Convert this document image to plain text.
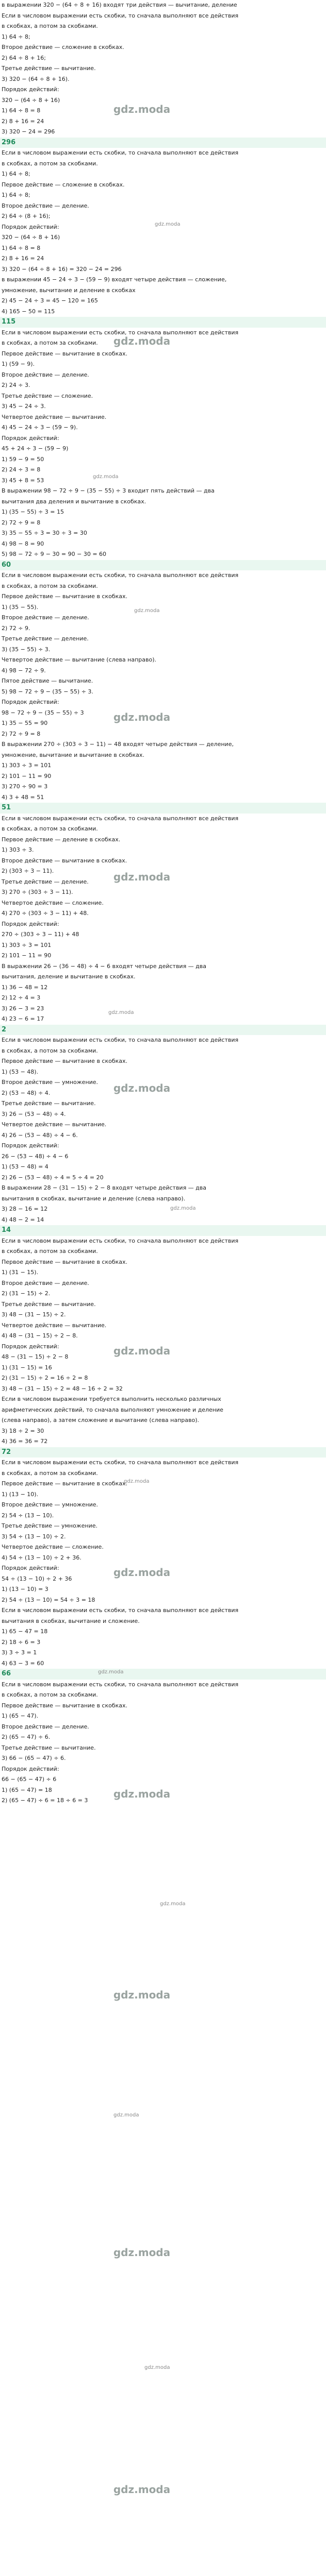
в выражении 320 − (64 ÷ 8 + 16) входят три действия — вычитание, деление
Если в числовом выражении есть скобки, то сначала выполняют все действия
в скобках, а потом за скобками.
1) 64 ÷ 8;
Второе действие — сложение в скобках.
2) 64 ÷ 8 + 16;
Третье действие — вычитание.
3) 320 − (64 ÷ 8 + 16).
Порядок действий:
320 − (64 ÷ 8 + 16)
1) 64 ÷ 8 = 8
2) 8 + 16 = 24
3) 320 − 24 = 296
296
Если в числовом выражении есть скобки, то сначала выполняют все действия
в скобках, а потом за скобками.
1) 64 ÷ 8;
Первое действие — сложение в скобках.
1) 64 ÷ 8;
Второе действие — деление.
2) 64 ÷ (8 + 16);
Порядок действий:
320 − (64 ÷ 8 + 16)
1) 64 ÷ 8 = 8
2) 8 + 16 = 24
3) 320 − (64 ÷ 8 + 16) = 320 − 24 = 296
в выражении 45 − 24 ÷ 3 − (59 − 9) входят четыре действия — сложение,
умножение, вычитание и деление в скобках
2) 45 − 24 ÷ 3 = 45 − 120 = 165
4) 165 − 50 = 115
115
Если в числовом выражении есть скобки, то сначала выполняют все действия
в скобках, а потом за скобками.
Первое действие — вычитание в скобках.
1) (59 − 9).
Второе действие — деление.
2) 24 ÷ 3.
Третье действие — сложение.
3) 45 − 24 ÷ 3.
Четвертое действие — вычитание.
4) 45 − 24 ÷ 3 − (59 − 9).
Порядок действий:
45 + 24 ÷ 3 − (59 − 9)
1) 59 − 9 = 50
2) 24 ÷ 3 = 8
3) 45 + 8 = 53
В выражении 98 − 72 ÷ 9 − (35 − 55) ÷ 3 входит пять действий — два
вычитания два деления и вычитание в скобках.
1) (35 − 55) ÷ 3 = 15
2) 72 ÷ 9 = 8
3) 35 − 55 ÷ 3 = 30 ÷ 3 = 30
4) 98 − 8 = 90
5) 98 − 72 ÷ 9 − 30 = 90 − 30 = 60
60
Если в числовом выражении есть скобки, то сначала выполняют все действия
в скобках, а потом за скобками.
Первое действие — вычитание в скобках.
1) (35 − 55).
Второе действие — деление.
2) 72 ÷ 9.
Третье действие — деление.
3) (35 − 55) ÷ 3.
Четвертое действие — вычитание (слева направо).
4) 98 − 72 ÷ 9.
Пятое действие — вычитание.
5) 98 − 72 ÷ 9 − (35 − 55) ÷ 3.
Порядок действий:
98 − 72 ÷ 9 − (35 − 55) ÷ 3
1) 35 − 55 = 90
2) 72 ÷ 9 = 8
В выражении 270 ÷ (303 ÷ 3 − 11) − 48 входят четыре действия — деление,
умножение, вычитание и вычитание в скобках.
1) 303 ÷ 3 = 101
2) 101 − 11 = 90
3) 270 ÷ 90 = 3
4) 3 + 48 = 51
51
Если в числовом выражении есть скобки, то сначала выполняют все действия
в скобках, а потом за скобками.
Первое действие — деление в скобках.
1) 303 ÷ 3.
Второе действие — вычитание в скобках.
2) (303 ÷ 3 − 11).
Третье действие — деление.
3) 270 ÷ (303 ÷ 3 − 11).
Четвертое действие — сложение.
4) 270 ÷ (303 ÷ 3 − 11) + 48.
Порядок действий:
270 ÷ (303 ÷ 3 − 11) + 48
1) 303 ÷ 3 = 101
2) 101 − 11 = 90
В выражении 26 − (36 − 48) ÷ 4 − 6 входят четыре действия — два
вычитания, деление и вычитание в скобках.
1) 36 − 48 = 12
2) 12 ÷ 4 = 3
3) 26 − 3 = 23
4) 23 − 6 = 17
2
Если в числовом выражении есть скобки, то сначала выполняют все действия
в скобках, а потом за скобками.
Первое действие — вычитание в скобках.
1) (53 − 48).
Второе действие — умножение.
2) (53 − 48) ÷ 4.
Третье действие — вычитание.
3) 26 − (53 − 48) ÷ 4.
Четвертое действие — вычитание.
4) 26 − (53 − 48) ÷ 4 − 6.
Порядок действий:
26 − (53 − 48) ÷ 4 − 6
1) (53 − 48) = 4
2) 26 − (53 − 48) ÷ 4 = 5 ÷ 4 = 20
В выражении 28 − (31 − 15) ÷ 2 − 8 входят четыре действия — два
вычитания в скобках, вычитание и деление (слева направо).
3) 28 − 16 = 12
4) 48 − 2 = 14
14
Если в числовом выражении есть скобки, то сначала выполняют все действия
в скобках, а потом за скобками.
Первое действие — вычитание в скобках.
1) (31 − 15).
Второе действие — деление.
2) (31 − 15) ÷ 2.
Третье действие — вычитание.
3) 48 − (31 − 15) ÷ 2.
Четвертое действие — вычитание.
4) 48 − (31 − 15) ÷ 2 − 8.
Порядок действий:
48 − (31 − 15) ÷ 2 − 8
1) (31 − 15) = 16
2) (31 − 15) ÷ 2 = 16 ÷ 2 = 8
3) 48 − (31 − 15) ÷ 2 = 48 − 16 ÷ 2 = 32
Если в числовом выражении требуется выполнить несколько различных
арифметических действий, то сначала выполняют умножение и деление
(слева направо), а затем сложение и вычитание (слева направо).
3) 18 ÷ 2 = 30
4) 36 = 36 = 72
72
Если в числовом выражении есть скобки, то сначала выполняют все действия
в скобках, а потом за скобками.
Первое действие — вычитание в скобках.
1) (13 − 10).
Второе действие — умножение.
2) 54 ÷ (13 − 10).
Третье действие — умножение.
3) 54 ÷ (13 − 10) ÷ 2.
Четвертое действие — сложение.
4) 54 ÷ (13 − 10) ÷ 2 + 36.
Порядок действий:
54 ÷ (13 − 10) ÷ 2 + 36
1) (13 − 10) = 3
2) 54 ÷ (13 − 10) = 54 ÷ 3 = 18
Если в числовом выражении есть скобки, то сначала выполняют все действия
вычитания в скобках, вычитание и сложение.
1) 65 − 47 = 18
2) 18 ÷ 6 = 3
3) 3 ÷ 3 = 1
4) 63 − 3 = 60
66
Если в числовом выражении есть скобки, то сначала выполняют все действия
в скобках, а потом за скобками.
Первое действие — вычитание в скобках.
1) (65 − 47).
Второе действие — деление.
2) (65 − 47) ÷ 6.
Третье действие — вычитание.
3) 66 − (65 − 47) ÷ 6.
Порядок действий:
66 − (65 − 47) ÷ 6
1) (65 − 47) = 18
2) (65 − 47) ÷ 6 = 18 ÷ 6 = 3
gdz.moda
gdz.moda
gdz.moda
gdz.moda
gdz.moda
gdz.moda
gdz.moda
gdz.moda
gdz.moda
gdz.moda
gdz.moda
gdz.moda
gdz.moda
gdz.moda
gdz.moda
gdz.moda
gdz.moda
gdz.moda
gdz.moda
gdz.moda
gdz.moda
